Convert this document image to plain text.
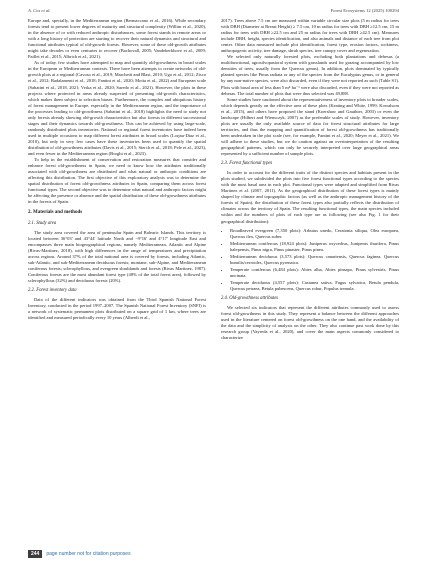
A. Cos et al.	Forest Ecosystems 12 (2025) 100294

Europe and, specially, in the Mediterranean region (Bermaccano et al., 2016). While secondary forests tend to present lower degrees of maturity and structural complexity (Willim et al., 2020), in the absence of or with reduced anthropic disturbances, some forest stands in remote areas or with a long history of protection are starting to recover their natural dynamics and structural and functional attributes typical of old-growth forests. However, some of these old-growth attributes might take decades or even centuries to recover (Bachovall, 2005; Vandekerkhove et al., 2009; Paillet et al., 2015; Albrich et al., 2021).

As of today, few studies have attempted to map and quantify old-growthness in broad scales in the European or Mediterranean contexts. There have been attempts to create networks of old-growth plots at a regional (Cavoso et al., 2019; Marchetti and Blasi, 2010; Ugo et al., 2012; Zisco et al., 2012; Badalamenti et al., 2018; Fantini et al., 2020; Motta et al., 2022) and European scale (Sabatini et al., 2018, 2021; Vrska et al., 2020; Saredo et al., 2021). However, the plots in these projects where protected in areas already suspected of presenting old-growth characteristics, which makes them subject to selection biases. Furthermore, the complex and ubiquitous history of forest management in Europe, especially in the Mediterranean region, and the importance of the processes leading to old-growthness (Sabatini et al., 2018) highlights the need to study not only forests already showing old-growth characteristics but also forests in different successional stages and their dynamics towards old-growthness. This can be achieved by using large-scale, randomly distributed plots inventories. National or regional forest inventories have indeed been used in multiple occasions to map different forest attributes in broad scales (Lorjau-Diaz et al., 2010), but only in very few cases have these inventories been used to quantify the spatial distribution of old-growthness attributes (Davis et al., 2015; Sterch et al., 2018; Pele et al., 2023), and even fewer in the Mediterranean region (Borghi et al., 2023).

To help in the establishment of conservation and restoration measures that consider and enhance forest old-growthness in Spain, we need to know how the attributes traditionally associated with old-growthness are distributed and what natural or anthropic conditions are affecting this distribution. The first objective of this exploratory analysis was to determine the spatial distribution of forest old-growthness attributes in Spain, comparing them across forest functional types. The second objective was to determine what natural and anthropic factors might be affecting the presence or absence and the spatial distribution of these old-growthness attributes in the forests of Spain.

2. Materials and methods
2.1. Study area

The study area covered the area of peninsular Spain and Balearic Islands. This territory is located between 36°03' and 43°44' latitude North and −9°16' and 4°17' longitude East and encompasses three main biogeographical regions, namely Mediterranean, Atlantic and Alpine (Rivas-Martinez, 2018), with high differences in the range of temperatures and precipitation across regions. Around 37% of the total national area is covered by forests, including Atlantic, sub-Atlantic, and sub-Mediterranean deciduous forests; montane, sub-Alpine, and Mediterranean coniferous forests; sclerophyllous, and evergreen shrublands and forests (Rivas Martinez, 1987). Coniferous forests are the most abundant forest type (48% of the total forest area), followed by sclerophyllous (32%) and deciduous forests (20%).

2.2. Forest inventory data

Data of the different indicators was obtained from the Third Spanish National Forest Inventory, conducted in the period 1997–2007. The Spanish National Forest Inventory (SNFI) is a network of systematic permanent plots distributed on a square grid of 1 km, where trees are identified and measured periodically every 10 years (Alberdi et al.,

2017). Trees above 7.5 cm are measured within variable circular size plots (5 m radius for trees with DBH (Diameter at Breast Height) ≥ 7.5 cm, 10 m radius for trees with DBH ≥12.5 cm, 15 m radius for trees with DBH ≥22.5 cm and 25 m radius for trees with DBH ≥42.5 cm). Measures include DBH, height, species identification, and also animals and distance of each tree from plot center. Other data measured include plot identification, forest type, erosion factors, rockiness, anthropogenic activity, tree damage, shrub species, tree canopy cover and regeneration.

We selected only naturally forested plots, excluding both plantations and dehesas (a multifunctional, agrosilvopastoral system with grasslands used for grazing accompanied by low densities of trees, usually from the Quercus genus). In addition, plots dominated by typically planted species like Pinus radiata or any of the species from the Eucalyptus genus, or in general by any non-native species, were also discarded, even if they were not reported as such (Table S1). Plots with basal area of less than 5 m²·ha⁻¹ were also discarded, even if they were not reported as dehesas. The total number of plots that were thus selected was 49,888.

Some studies have cautioned about the representativeness of inventory plots to broader scales, which depends greatly on the effective area of these plots (Keating and White, 1999; Kowalsom et al., 2015), and others have proposed the stand (Koershaw and Gauthier, 2003) or even the landscape (Hilbert and Wiensczyk, 2007) as the preferable scales of study. However, inventory plots are usually the only available source of data for forest structural attributes for large territories, and thus the mapping and quantification of forest old-growthness has traditionally been undertaken in the plot scale (see, for example, Fantini et al., 2020; Meyer et al., 2021). We will adhere to these studies, but we do caution against an overinterpretation of the resulting geographical patterns, which can only be securely interpreted over large geographical areas represented by a sufficient number of sample plots.

2.3. Forest functional types

In order to account for the different traits of the distinct species and habitats present in the plots studied, we subdivided the plots into five forest functional types according to the species with the most basal area in each plot. Functional types were adapted and simplified from Rivas Martinez et al. (2007, 2011). As the geographical distribution of these forest types is mainly shaped by climate and topographic factors (as well as the anthropic management history of the forests of Spain), the distribution of these forest types also partially reflects the distribution of climates across the territory of Spain. The resulting functional types, the main species included within and the numbers of plots of each type are as following (see also Fig. 1 for their geographical distribution):

• Broadleaved evergreen (7,350 plots): Arbutus unedo, Ceratonia siliqua, Olea europaea, Quercus ilex, Quercus suber.
• Mediterranean coniferous (18,924 plots): Juniperus oxycedrus, Juniperus thurifera, Pinus halepensis, Pinus nigra, Pinus pinaster, Pinus pinea.
• Mediterranean deciduous (3,573 plots): Quercus canariensis, Quercus faginea, Quercus humilis/cerroides, Quercus pyrenaica.
• Temperate coniferous (6,484 plots): Abies alba, Abies pinsapo, Pinus sylvestris, Pinus uncinata.
• Temperate deciduous (4,557 plots): Castanea sativa, Fagus sylvatica, Betula pendula, Quercus petraea, Betula pubescens, Quercus robur, Populus tremula.
2.4. Old-growthness attributes

We selected six indicators that represent the different attributes commonly used to assess forest old-growthness in this study. They represent a balance between the different approaches used in the literature centered on forest old-growthness on the one hand, and the availability of the data and the simplicity of analysis on the other. They also continue past work done by this research group (Vayreda et al., 2020), and cover the main aspects commonly considered to characterize

244	page number not for citation purposes
